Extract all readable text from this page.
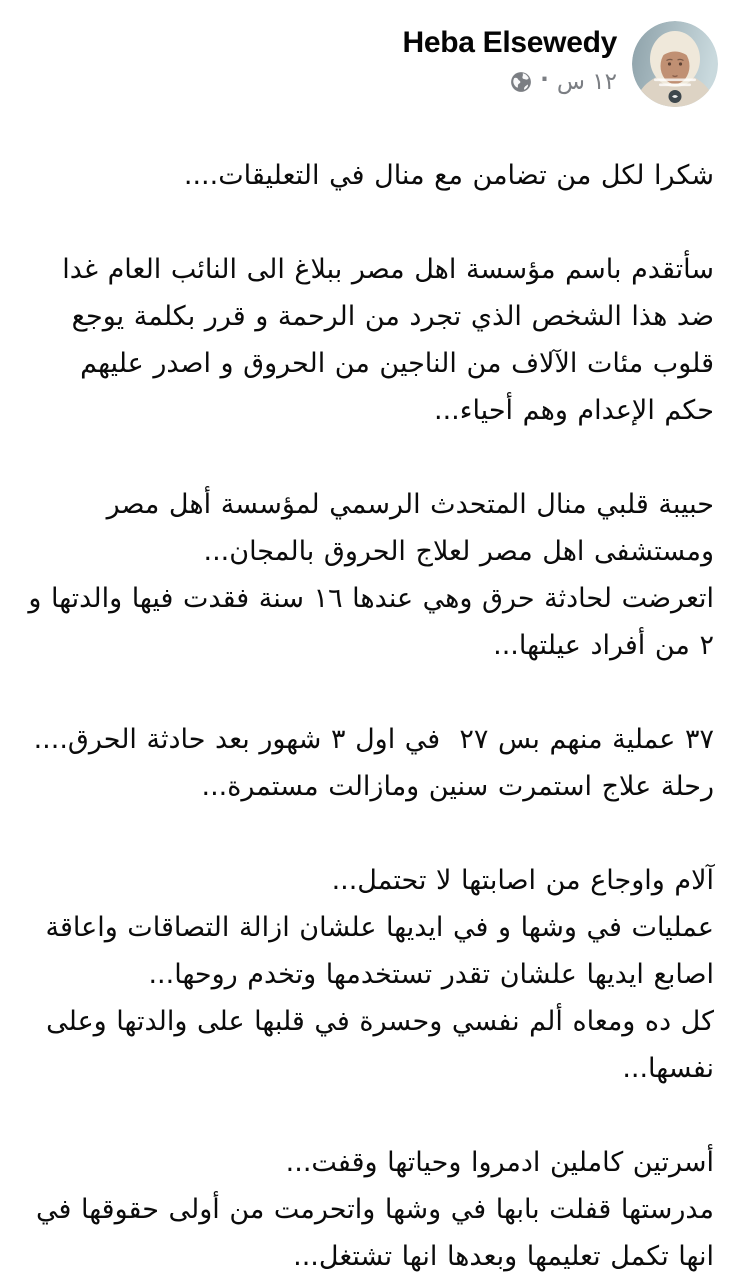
Heba Elsewedy
١٢ س
·
شكرا لكل من تضامن مع منال في التعليقات....
سأتقدم باسم مؤسسة اهل مصر ببلاغ الى النائب العام غدا ضد هذا الشخص الذي تجرد من الرحمة و قرر بكلمة يوجع قلوب مئات الآلاف من الناجين من الحروق و اصدر عليهم حكم الإعدام وهم أحياء...
حبيبة قلبي منال المتحدث الرسمي لمؤسسة أهل مصر ومستشفى اهل مصر لعلاج الحروق بالمجان...
اتعرضت لحادثة حرق وهي عندها ١٦ سنة فقدت فيها والدتها و ٢ من أفراد عيلتها...
٣٧ عملية منهم بس ٢٧  في اول ٣ شهور بعد حادثة الحرق....
رحلة علاج استمرت سنين ومازالت مستمرة...
آلام واوجاع من اصابتها لا تحتمل...
عمليات في وشها و في ايديها علشان ازالة التصاقات واعاقة اصابع ايديها علشان تقدر تستخدمها وتخدم روحها...
كل ده ومعاه ألم نفسي وحسرة في قلبها على والدتها وعلى نفسها...
أسرتين كاملين ادمروا وحياتها وقفت...
مدرستها قفلت بابها في وشها واتحرمت من أولى حقوقها في انها تكمل تعليمها وبعدها انها تشتغل...
